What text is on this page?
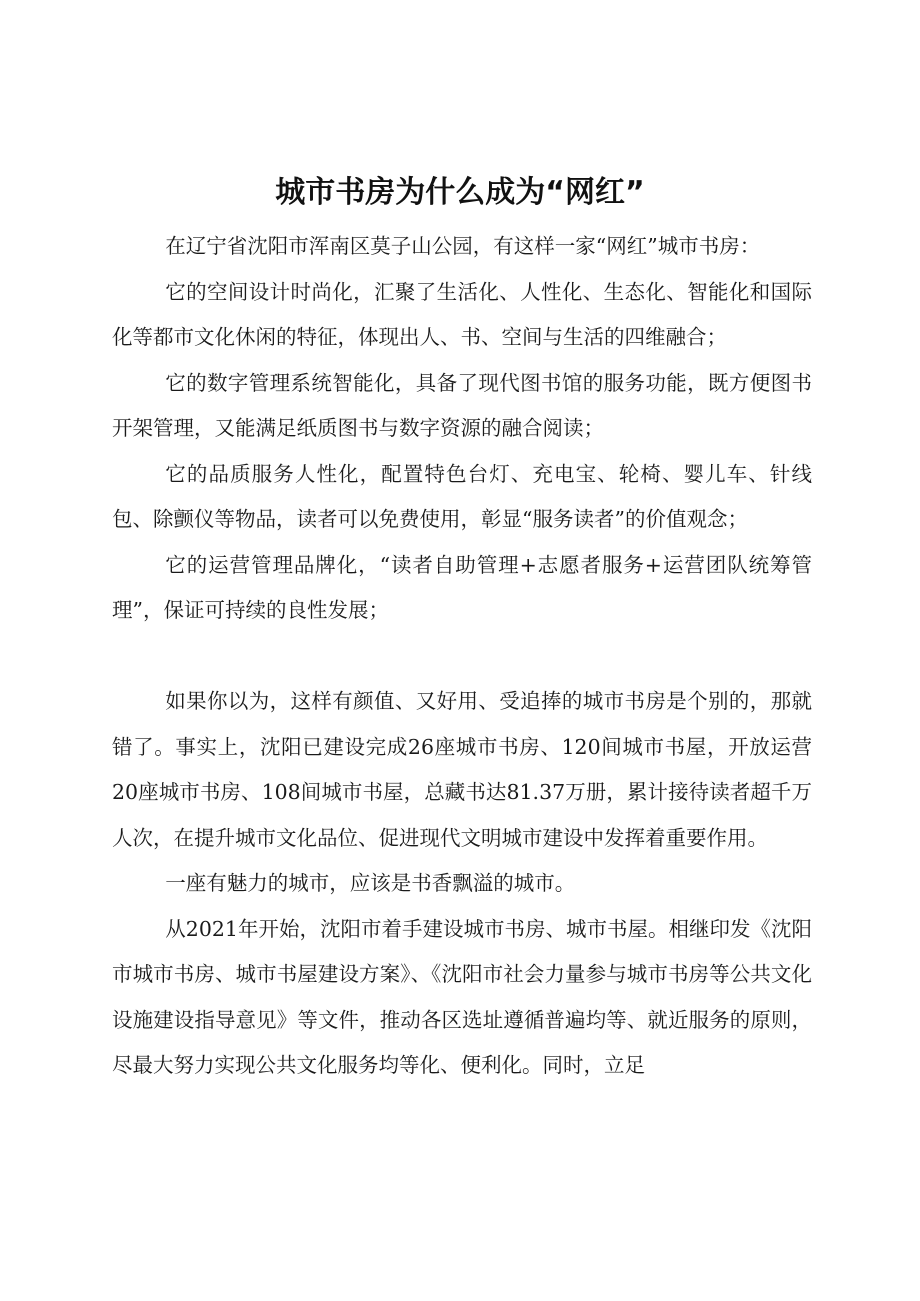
城市书房为什么成为“网红”

在辽宁省沈阳市浑南区莫子山公园，有这样一家“网红”城市书房：

它的空间设计时尚化，汇聚了生活化、人性化、生态化、智能化和国际化等都市文化休闲的特征，体现出人、书、空间与生活的四维融合；

它的数字管理系统智能化，具备了现代图书馆的服务功能，既方便图书开架管理，又能满足纸质图书与数字资源的融合阅读；

它的品质服务人性化，配置特色台灯、充电宝、轮椅、婴儿车、针线包、除颤仪等物品，读者可以免费使用，彰显“服务读者”的价值观念；

它的运营管理品牌化，“读者自助管理+志愿者服务+运营团队统筹管理”，保证可持续的良性发展；

如果你以为，这样有颜值、又好用、受追捧的城市书房是个别的，那就错了。事实上，沈阳已建设完成26座城市书房、120间城市书屋，开放运营20座城市书房、108间城市书屋，总藏书达81.37万册，累计接待读者超千万人次，在提升城市文化品位、促进现代文明城市建设中发挥着重要作用。

一座有魅力的城市，应该是书香飘溢的城市。

从2021年开始，沈阳市着手建设城市书房、城市书屋。相继印发《沈阳市城市书房、城市书屋建设方案》、《沈阳市社会力量参与城市书房等公共文化设施建设指导意见》等文件，推动各区选址遵循普遍均等、就近服务的原则，尽最大努力实现公共文化服务均等化、便利化。同时，立足
